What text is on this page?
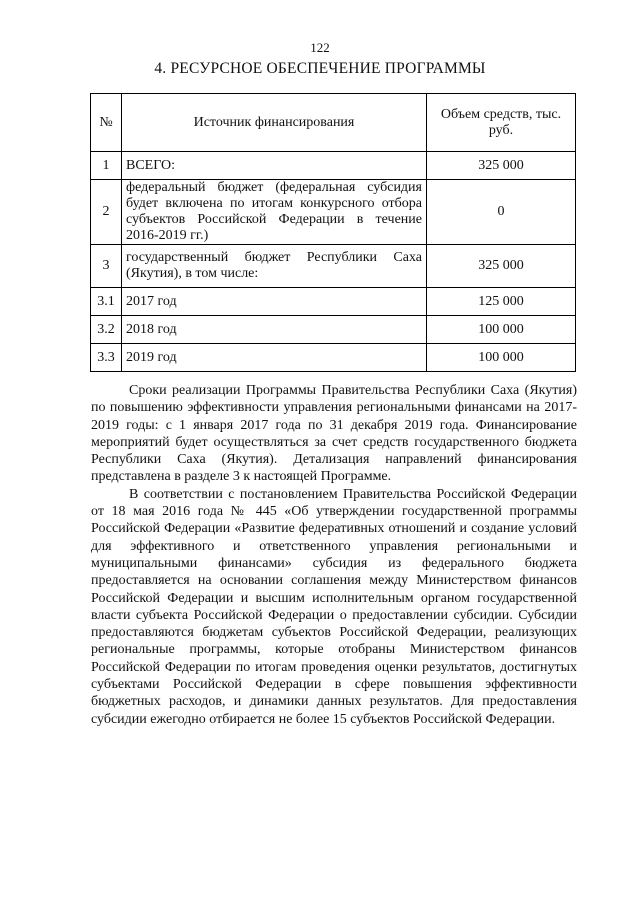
122
4. РЕСУРСНОЕ ОБЕСПЕЧЕНИЕ ПРОГРАММЫ
№	Источник финансирования	Объем средств, тыс. руб.
1	ВСЕГО:	325 000
2	федеральный бюджет (федеральная субсидия будет включена по итогам конкурсного отбора субъектов Российской Федерации в течение 2016-2019 гг.)	0
3	государственный бюджет Республики Саха (Якутия), в том числе:	325 000
3.1	2017 год	125 000
3.2	2018 год	100 000
3.3	2019 год	100 000

Сроки реализации Программы Правительства Республики Саха (Якутия) по повышению эффективности управления региональными финансами на 2017-2019 годы: с 1 января 2017 года по 31 декабря 2019 года. Финансирование мероприятий будет осуществляться за счет средств государственного бюджета Республики Саха (Якутия). Детализация направлений финансирования представлена в разделе 3 к настоящей Программе.

В соответствии с постановлением Правительства Российской Федерации от 18 мая 2016 года № 445 «Об утверждении государственной программы Российской Федерации «Развитие федеративных отношений и создание условий для эффективного и ответственного управления региональными и муниципальными финансами» субсидия из федерального бюджета предоставляется на основании соглашения между Министерством финансов Российской Федерации и высшим исполнительным органом государственной власти субъекта Российской Федерации о предоставлении субсидии. Субсидии предоставляются бюджетам субъектов Российской Федерации, реализующих региональные программы, которые отобраны Министерством финансов Российской Федерации по итогам проведения оценки результатов, достигнутых субъектами Российской Федерации в сфере повышения эффективности бюджетных расходов, и динамики данных результатов. Для предоставления субсидии ежегодно отбирается не более 15 субъектов Российской Федерации.
